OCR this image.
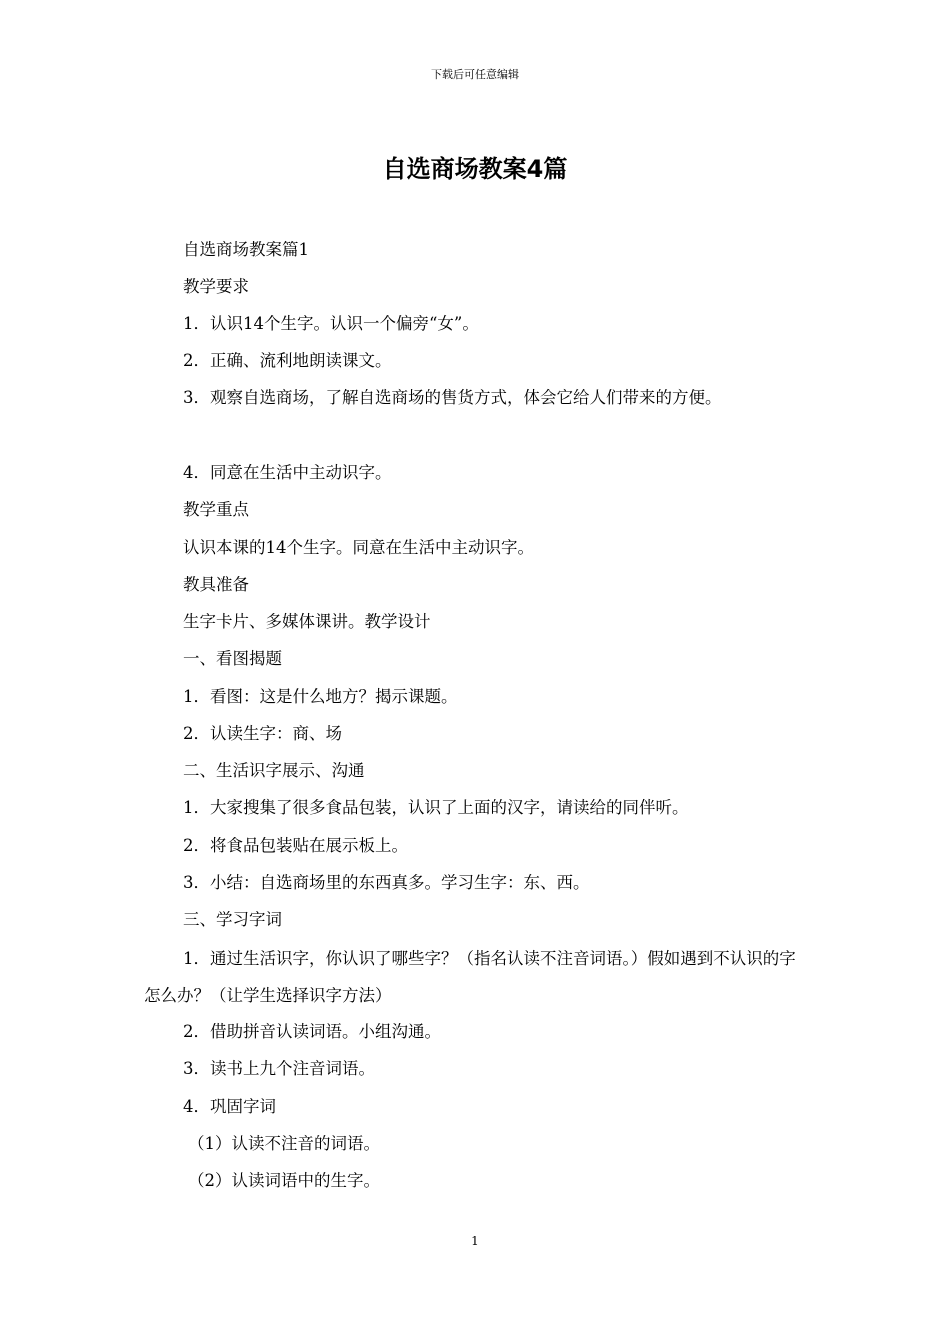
下载后可任意编辑
自选商场教案4篇
自选商场教案篇1
教学要求
1．认识14个生字。认识一个偏旁“女”。
2．正确、流利地朗读课文。
3．观察自选商场，了解自选商场的售货方式，体会它给人们带来的方便。
4．同意在生活中主动识字。
教学重点
认识本课的14个生字。同意在生活中主动识字。
教具准备
生字卡片、多媒体课讲。教学设计
一、看图揭题
1．看图：这是什么地方？揭示课题。
2．认读生字：商、场
二、生活识字展示、沟通
1．大家搜集了很多食品包装，认识了上面的汉字，请读给的同伴听。
2．将食品包装贴在展示板上。
3．小结：自选商场里的东西真多。学习生字：东、西。
三、学习字词

1．通过生活识字，你认识了哪些字？（指名认读不注音词语。）假如遇到不认识的字怎么办？（让学生选择识字方法）

2．借助拼音认读词语。小组沟通。
3．读书上九个注音词语。
4．巩固字词
（1）认读不注音的词语。
（2）认读词语中的生字。
1
